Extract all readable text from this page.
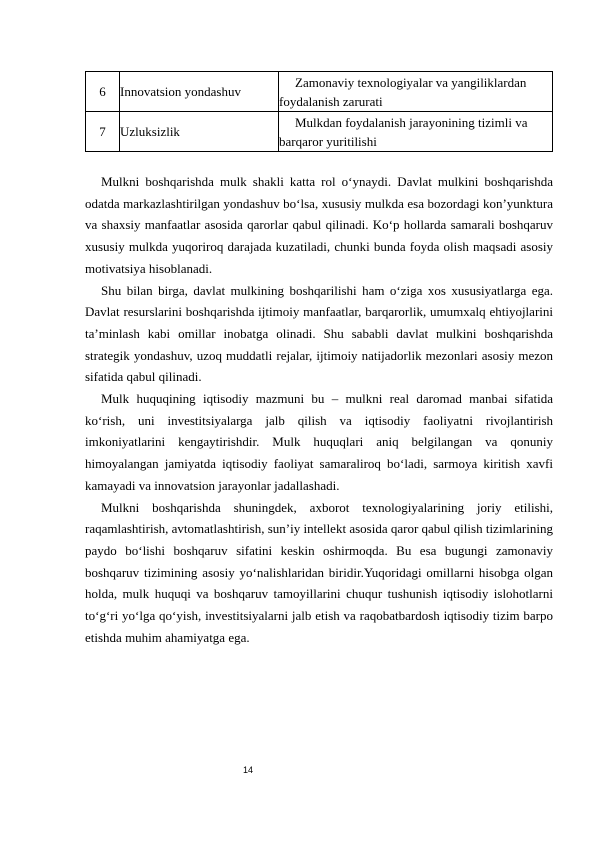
6	Innovatsion yondashuv	Zamonaviy texnologiyalar va yangiliklardan foydalanish zarurati

7	Uzluksizlik	Mulkdan foydalanish jarayonining tizimli va barqaror yuritilishi

Mulkni boshqarishda mulk shakli katta rol o‘ynaydi. Davlat mulkini boshqarishda odatda markazlashtirilgan yondashuv bo‘lsa, xususiy mulkda esa bozordagi kon’yunktura va shaxsiy manfaatlar asosida qarorlar qabul qilinadi. Ko‘p hollarda samarali boshqaruv xususiy mulkda yuqoriroq darajada kuzatiladi, chunki bunda foyda olish maqsadi asosiy motivatsiya hisoblanadi.

Shu bilan birga, davlat mulkining boshqarilishi ham o‘ziga xos xususiyatlarga ega. Davlat resurslarini boshqarishda ijtimoiy manfaatlar, barqarorlik, umumxalq ehtiyojlarini ta’minlash kabi omillar inobatga olinadi. Shu sababli davlat mulkini boshqarishda strategik yondashuv, uzoq muddatli rejalar, ijtimoiy natijadorlik mezonlari asosiy mezon sifatida qabul qilinadi.

Mulk huquqining iqtisodiy mazmuni bu – mulkni real daromad manbai sifatida ko‘rish, uni investitsiyalarga jalb qilish va iqtisodiy faoliyatni rivojlantirish imkoniyatlarini kengaytirishdir. Mulk huquqlari aniq belgilangan va qonuniy himoyalangan jamiyatda iqtisodiy faoliyat samaraliroq bo‘ladi, sarmoya kiritish xavfi kamayadi va innovatsion jarayonlar jadallashadi.

Mulkni boshqarishda shuningdek, axborot texnologiyalarining joriy etilishi, raqamlashtirish, avtomatlashtirish, sun’iy intellekt asosida qaror qabul qilish tizimlarining paydo bo‘lishi boshqaruv sifatini keskin oshirmoqda. Bu esa bugungi zamonaviy boshqaruv tizimining asosiy yo‘nalishlaridan biridir.Yuqoridagi omillarni hisobga olgan holda, mulk huquqi va boshqaruv tamoyillarini chuqur tushunish iqtisodiy islohotlarni to‘g‘ri yo‘lga qo‘yish, investitsiyalarni jalb etish va raqobatbardosh iqtisodiy tizim barpo etishda muhim ahamiyatga ega.

14
